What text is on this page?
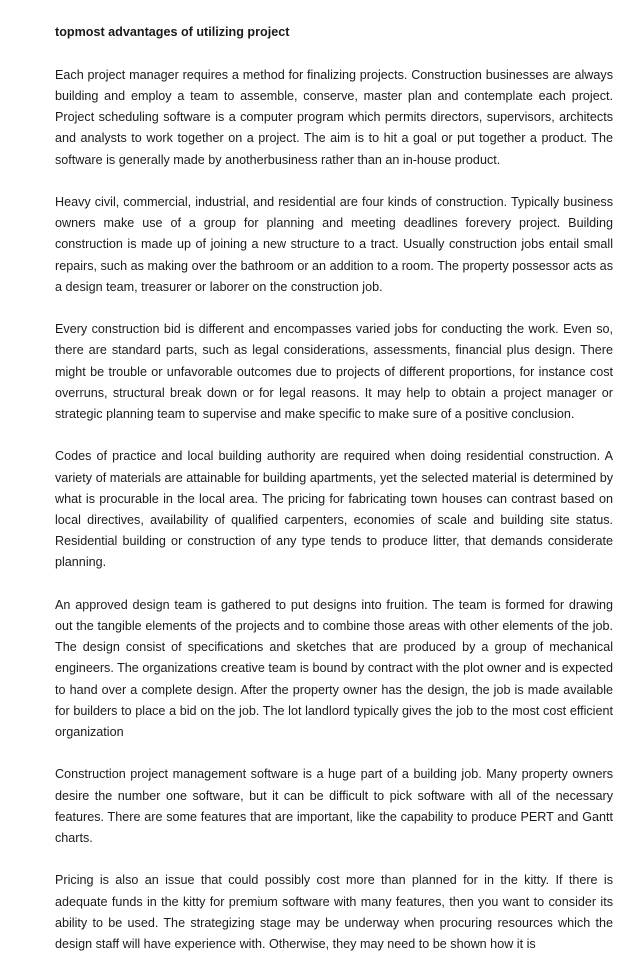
topmost advantages of utilizing project

Each project manager requires a method for finalizing projects. Construction businesses are always building and employ a team to assemble, conserve, master plan and contemplate each project. Project scheduling software is a computer program which permits directors, supervisors, architects and analysts to work together on a project. The aim is to hit a goal or put together a product. The software is generally made by anotherbusiness rather than an in-house product.

Heavy civil, commercial, industrial, and residential are four kinds of construction. Typically business owners make use of a group for planning and meeting deadlines forevery project. Building construction is made up of joining a new structure to a tract. Usually construction jobs entail small repairs, such as making over the bathroom or an addition to a room. The property possessor acts as a design team, treasurer or laborer on the construction job.

Every construction bid is different and encompasses varied jobs for conducting the work. Even so, there are standard parts, such as legal considerations, assessments, financial plus design. There might be trouble or unfavorable outcomes due to projects of different proportions, for instance cost overruns, structural break down or for legal reasons. It may help to obtain a project manager or strategic planning team to supervise and make specific to make sure of a positive conclusion.

Codes of practice and local building authority are required when doing residential construction. A variety of materials are attainable for building apartments, yet the selected material is determined by what is procurable in the local area. The pricing for fabricating town houses can contrast based on local directives, availability of qualified carpenters, economies of scale and building site status. Residential building or construction of any type tends to produce litter, that demands considerate planning.

An approved design team is gathered to put designs into fruition. The team is formed for drawing out the tangible elements of the projects and to combine those areas with other elements of the job. The design consist of specifications and sketches that are produced by a group of mechanical engineers. The organizations creative team is bound by contract with the plot owner and is expected to hand over a complete design. After the property owner has the design, the job is made available for builders to place a bid on the job. The lot landlord typically gives the job to the most cost efficient organization

Construction project management software is a huge part of a building job. Many property owners desire the number one software, but it can be difficult to pick software with all of the necessary features. There are some features that are important, like the capability to produce PERT and Gantt charts.

Pricing is also an issue that could possibly cost more than planned for in the kitty. If there is adequate funds in the kitty for premium software with many features, then you want to consider its ability to be used. The strategizing stage may be underway when procuring resources which the design staff will have experience with. Otherwise, they may need to be shown how it is
